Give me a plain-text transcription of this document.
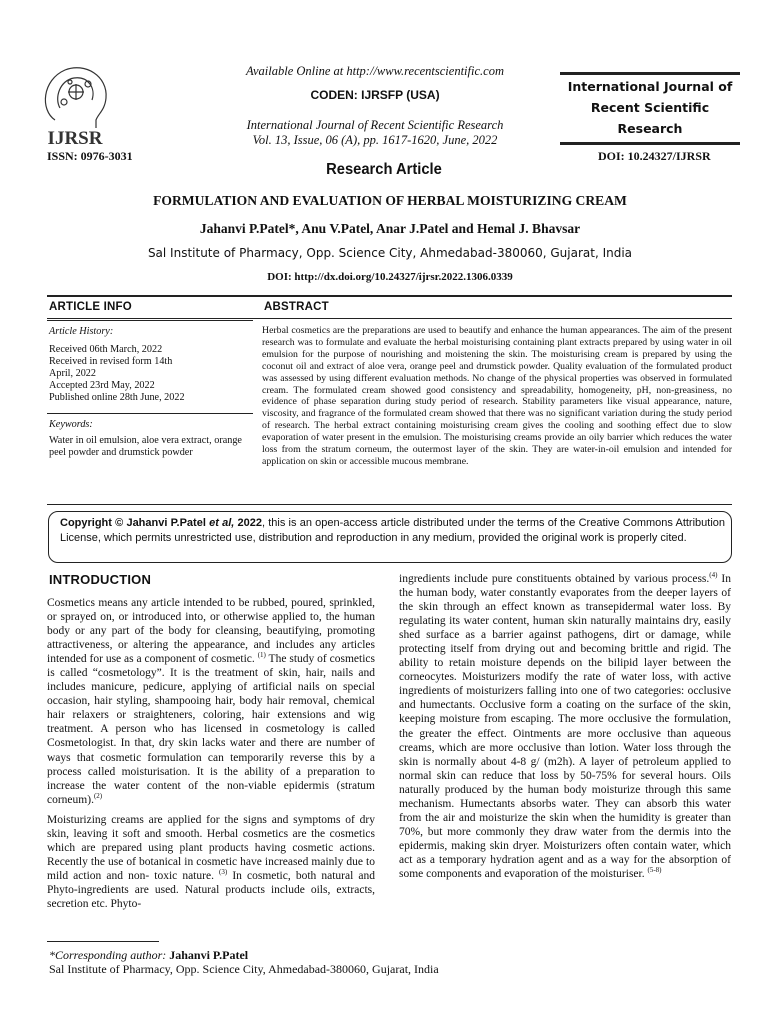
IJRSR
Available Online at http://www.recentscientific.com
CODEN: IJRSFP (USA)
International Journal of Recent Scientific Research
Vol. 13, Issue, 06 (A), pp. 1617-1620, June, 2022
International Journal of
Recent Scientific
Research
ISSN: 0976-3031	DOI: 10.24327/IJRSR
Research Article
FORMULATION AND EVALUATION OF HERBAL MOISTURIZING CREAM
Jahanvi P.Patel*, Anu V.Patel, Anar J.Patel and Hemal J. Bhavsar
Sal Institute of Pharmacy, Opp. Science City, Ahmedabad-380060, Gujarat, India
DOI: http://dx.doi.org/10.24327/ijrsr.2022.1306.0339
ARTICLE INFO	ABSTRACT
Article History:
Received 06th March, 2022
Received in revised form 14th
April, 2022
Accepted 23rd May, 2022
Published online 28th June, 2022
Keywords:
Water in oil emulsion, aloe vera extract, orange peel powder and drumstick powder
Herbal cosmetics are the preparations are used to beautify and enhance the human appearances. The aim of the present research was to formulate and evaluate the herbal moisturising containing plant extracts prepared by using water in oil emulsion for the purpose of nourishing and moistening the skin. The moisturising cream is prepared by using the coconut oil and extract of aloe vera, orange peel and drumstick powder. Quality evaluation of the formulated product was assessed by using different evaluation methods. No change of the physical properties was observed in formulated cream. The formulated cream showed good consistency and spreadability, homogeneity, pH, non-greasiness, no evidence of phase separation during study period of research. Stability parameters like visual appearance, nature, viscosity, and fragrance of the formulated cream showed that there was no significant variation during the study period of research. The herbal extract containing moisturising cream gives the cooling and soothing effect due to slow evaporation of water present in the emulsion. The moisturising creams provide an oily barrier which reduces the water loss from the stratum corneum, the outermost layer of the skin. They are water-in-oil emulsion and intended for application on skin or accessible mucous membrane.
Copyright © Jahanvi P.Patel et al, 2022, this is an open-access article distributed under the terms of the Creative Commons Attribution License, which permits unrestricted use, distribution and reproduction in any medium, provided the original work is properly cited.
INTRODUCTION

Cosmetics means any article intended to be rubbed, poured, sprinkled, or sprayed on, or introduced into, or otherwise applied to, the human body or any part of the body for cleansing, beautifying, promoting attractiveness, or altering the appearance, and includes any articles intended for use as a component of cosmetic. $^{(1)}$ The study of cosmetics is called “cosmetology”. It is the treatment of skin, hair, nails and includes manicure, pedicure, applying of artificial nails on special occasion, hair styling, shampooing hair, body hair removal, chemical hair relaxers or straighteners, coloring, hair extensions and wig treatment. A person who has licensed in cosmetology is called Cosmetologist. In that, dry skin lacks water and there are number of ways that cosmetic formulation can temporarily reverse this by a process called moisturisation. It is the ability of a preparation to increase the water content of the non-viable epidermis (stratum corneum).$^{(2)}$

Moisturizing creams are applied for the signs and symptoms of dry skin, leaving it soft and smooth. Herbal cosmetics are the cosmetics which are prepared using plant products having cosmetic actions. Recently the use of botanical in cosmetic have increased mainly due to mild action and non- toxic nature. $^{(3)}$ In cosmetic, both natural and Phyto-ingredients are used. Natural products include oils, extracts, secretion etc. Phyto-

ingredients include pure constituents obtained by various process.$^{(4)}$ In the human body, water constantly evaporates from the deeper layers of the skin through an effect known as transepidermal water loss. By regulating its water content, human skin naturally maintains dry, easily shed surface as a barrier against pathogens, dirt or damage, while protecting itself from drying out and becoming brittle and rigid. The ability to retain moisture depends on the bilipid layer between the corneocytes. Moisturizers modify the rate of water loss, with active ingredients of moisturizers falling into one of two categories: occlusive and humectants. Occlusive form a coating on the surface of the skin, keeping moisture from escaping. The more occlusive the formulation, the greater the effect. Ointments are more occlusive than aqueous creams, which are more occlusive than lotion. Water loss through the skin is normally about 4-8 g/ (m2h). A layer of petroleum applied to normal skin can reduce that loss by 50-75% for several hours. Oils naturally produced by the human body moisturize through this same mechanism. Humectants absorbs water. They can absorb this water from the air and moisturize the skin when the humidity is greater than 70%, but more commonly they draw water from the dermis into the epidermis, making skin dryer. Moisturizers often contain water, which act as a temporary hydration agent and as a way for the absorption of some components and evaporation of the moisturiser. $^{(5-8)}$

*Corresponding author: Jahanvi P.Patel
Sal Institute of Pharmacy, Opp. Science City, Ahmedabad-380060, Gujarat, India
